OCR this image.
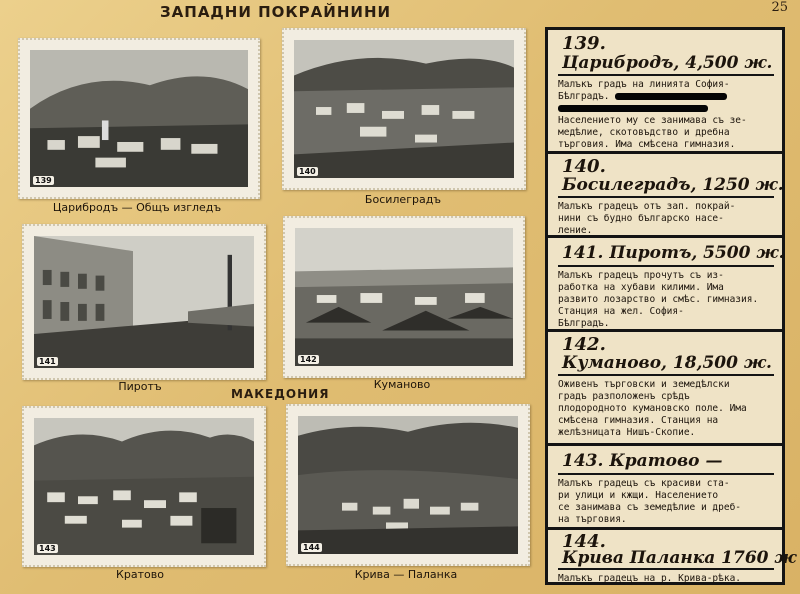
ЗАПАДНИ ПОКРАЙНИНИ	25
139
Царибродъ — Общъ изгледъ
140
Босилеградъ
141
Пиротъ
142
Куманово
МАКЕДОНИЯ
143
Кратово
144
Крива — Паланка
139.
Царибродъ, 4,500 ж.
Малъкъ градъ на линията София-
Бѣлградъ.
Населението му се занимава съ зе-
медѣлие, скотовъдство и дребна
търговия. Има смѣсена гимназия.
140.
Босилеградъ, 1250 ж.
Малъкъ градецъ отъ зап. покрай-
нини съ будно българско насе-
ление.
141. Пиротъ, 5500 ж.
Малъкъ градецъ прочутъ съ из-
работка на хубави килими. Има
развито лозарство и смѣс. гимназия.
Станция на жел. София-
Бѣлградъ.
142.
Куманово, 18,500 ж.
Оживенъ търговски и земедѣлски
градъ разположенъ срѣдъ
плодородното кумановско поле. Има
смѣсена гимназия. Станция на
желѣзницата Нишъ-Скопие.
143. Кратово —
Малъкъ градецъ съ красиви ста-
ри улици и кжщи. Населението
се занимава съ земедѣлие и дреб-
на търговия.
144.
Крива Паланка 1760 ж
Малъкъ градецъ на р. Крива-рѣка.
